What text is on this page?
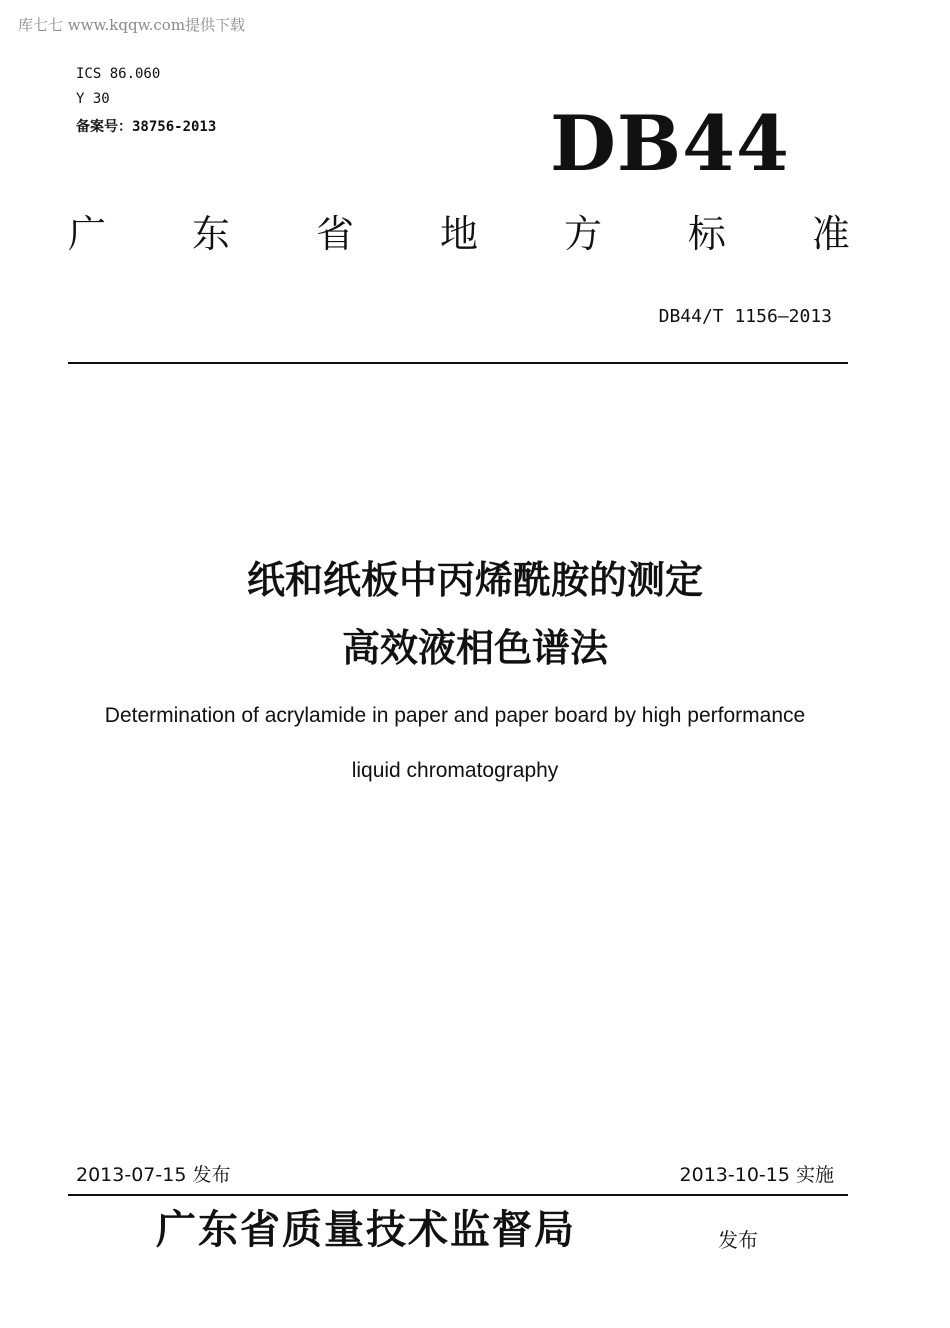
库七七 www.kqqw.com提供下载
ICS 86.060
Y 30
备案号：38756-2013	DB44
广 东 省 地 方 标 准
DB44/T 1156—2013
纸和纸板中丙烯酰胺的测定
高效液相色谱法
Determination of acrylamide in paper and paper board by high performance
liquid chromatography
2013-07-15 发布	2013-10-15 实施
广东省质量技术监督局	发布
